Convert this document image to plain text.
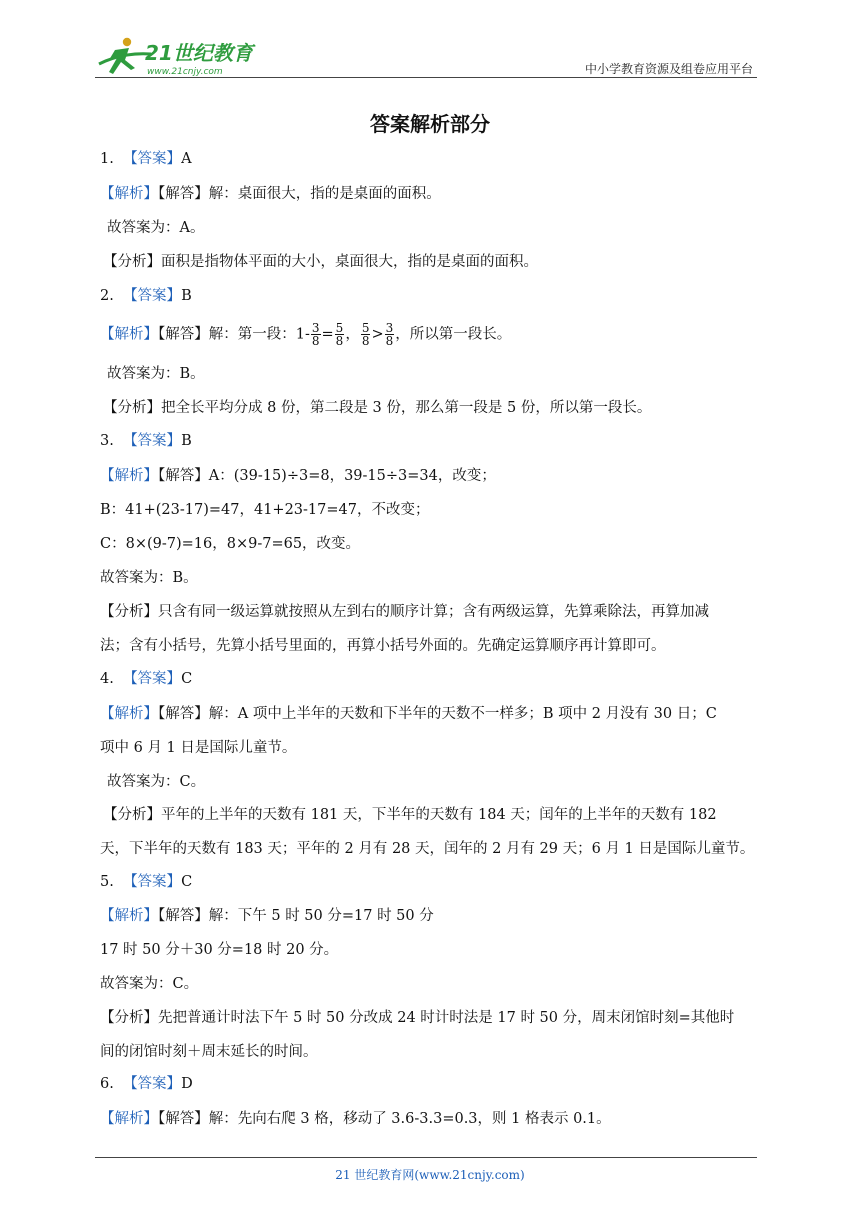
21世纪教育
www.21cnjy.com	中小学教育资源及组卷应用平台
答案解析部分
1. 【答案】A
【解析】【解答】解：桌面很大，指的是桌面的面积。
故答案为：A。
【分析】面积是指物体平面的大小，桌面很大，指的是桌面的面积。
2. 【答案】B
【解析】【解答】解：第一段：$1- \frac{3}{8} = \frac{5}{8}$ ， $\frac{5}{8} > \frac{3}{8}$ ，所以第一段长。
故答案为：B。
【分析】把全长平均分成 8 份，第二段是 3 份，那么第一段是 5 份，所以第一段长。
3. 【答案】B
【解析】【解答】A：(39-15)÷3=8，39-15÷3=34，改变；
B：41+(23-17)=47，41+23-17=47，不改变；
C：8×(9-7)=16，8×9-7=65，改变。
故答案为：B。
【分析】只含有同一级运算就按照从左到右的顺序计算；含有两级运算，先算乘除法，再算加减
法；含有小括号，先算小括号里面的，再算小括号外面的。先确定运算顺序再计算即可。
4. 【答案】C
【解析】【解答】解：A 项中上半年的天数和下半年的天数不一样多；B 项中 2 月没有 30 日；C
项中 6 月 1 日是国际儿童节。
故答案为：C。
【分析】平年的上半年的天数有 181 天，下半年的天数有 184 天；闰年的上半年的天数有 182
天，下半年的天数有 183 天；平年的 2 月有 28 天，闰年的 2 月有 29 天；6 月 1 日是国际儿童节。
5. 【答案】C
【解析】【解答】解：下午 5 时 50 分=17 时 50 分
17 时 50 分＋30 分=18 时 20 分。
故答案为：C。
【分析】先把普通计时法下午 5 时 50 分改成 24 时计时法是 17 时 50 分，周末闭馆时刻=其他时
间的闭馆时刻＋周末延长的时间。
6. 【答案】D
【解析】【解答】解：先向右爬 3 格，移动了 3.6-3.3=0.3，则 1 格表示 0.1。
21 世纪教育网(www.21cnjy.com)
